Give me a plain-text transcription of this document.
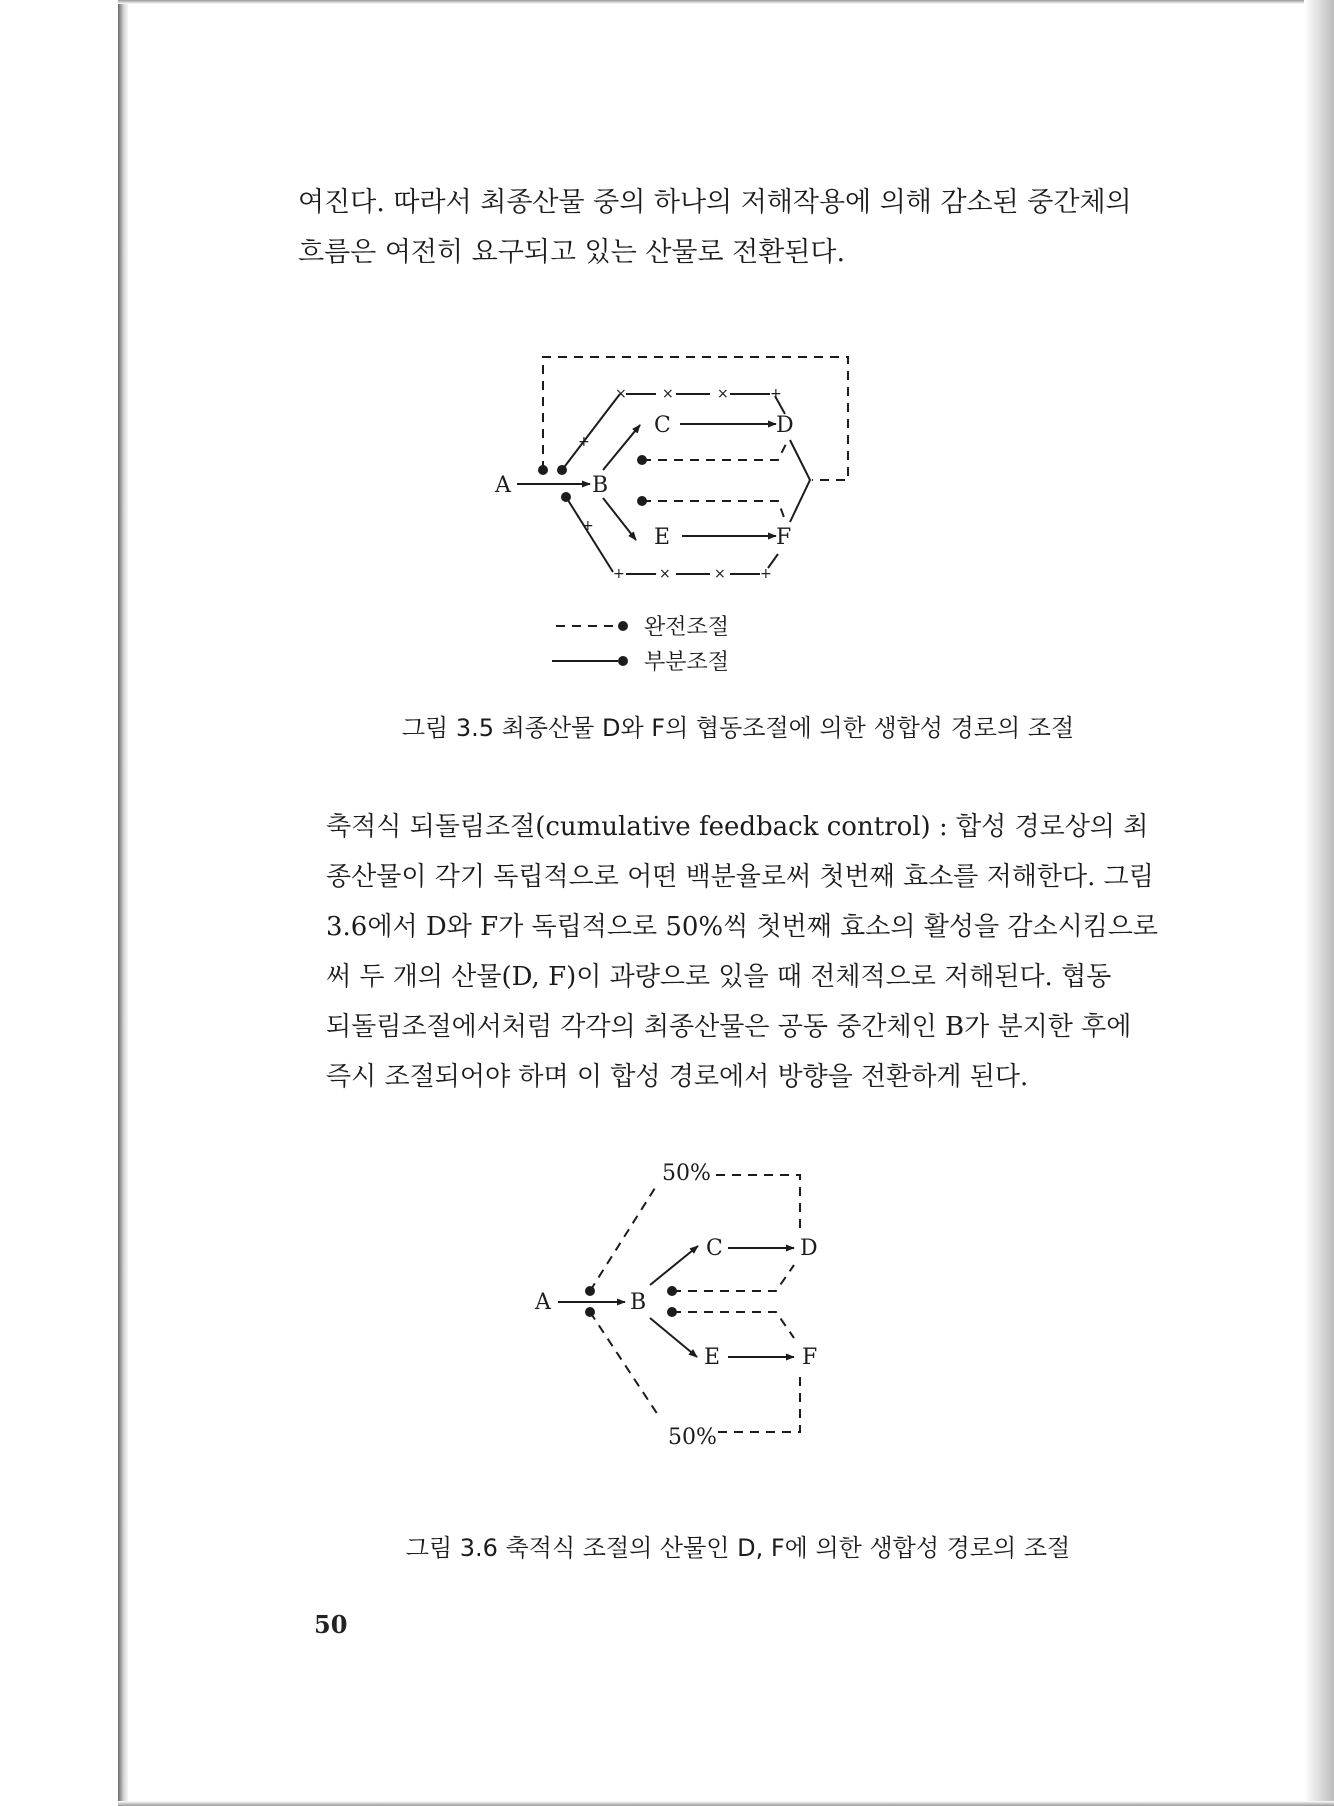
여진다. 따라서 최종산물 중의 하나의 저해작용에 의해 감소된 중간체의
흐름은 여전히 요구되고 있는 산물로 전환된다.
×	×	×	+
+
+
+ ×	× +
A	B
C	D
E	F
완전조절
부분조절
그림 3.5 최종산물 D와 F의 협동조절에 의한 생합성 경로의 조절
축적식 되돌림조절(cumulative feedback control) : 합성 경로상의 최
종산물이 각기 독립적으로 어떤 백분율로써 첫번째 효소를 저해한다. 그림
3.6에서 D와 F가 독립적으로 50%씩 첫번째 효소의 활성을 감소시킴으로
써 두 개의 산물(D, F)이 과량으로 있을 때 전체적으로 저해된다. 협동
되돌림조절에서처럼 각각의 최종산물은 공동 중간체인 B가 분지한 후에
즉시 조절되어야 하며 이 합성 경로에서 방향을 전환하게 된다.
50%
50%
A	B
C	D
E	F
그림 3.6 축적식 조절의 산물인 D, F에 의한 생합성 경로의 조절
50
